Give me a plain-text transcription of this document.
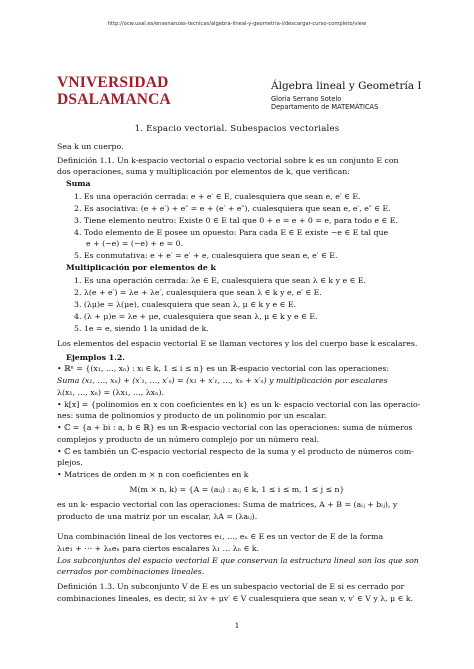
http://ocw.usal.es/ensenanzas-tecnicas/algebra-lineal-y-geometria-i/descargar-curso-completo/view
VNIVERSIDAD
DSALAMANCA
Álgebra lineal y Geometría I
Gloria Serrano Sotelo
Departamento de MATEMÁTICAS
1. Espacio vectorial. Subespacios vectoriales
Sea k un cuerpo.
Definición 1.1. Un k-espacio vectorial o espacio vectorial sobre k es un conjunto E con
dos operaciones, suma y multiplicación por elementos de k, que verifican:
Suma
1. Es una operación cerrada: e + e′ ∈ E, cualesquiera que sean e, e′ ∈ E.
2. Es asociativa: (e + e′) + e″ = e + (e′ + e″), cualesquiera que sean e, e′, e″ ∈ E.
3. Tiene elemento neutro: Existe 0 ∈ E tal que 0 + e = e + 0 = e, para todo e ∈ E.
4. Todo elemento de E posee un opuesto: Para cada E ∈ E existe −e ∈ E tal que
e + (−e) = (−e) + e = 0.
5. Es conmutativa: e + e′ = e′ + e, cualesquiera que sean e, e′ ∈ E.
Multiplicación por elementos de k
1. Es una operación cerrada: λe ∈ E, cualesquiera que sean λ ∈ k y e ∈ E.
2. λ(e + e′) = λe + λe′, cualesquiera que sean λ ∈ k y e, e′ ∈ E.
3. (λμ)e = λ(μe), cualesquiera que sean λ, μ ∈ k y e ∈ E.
4. (λ + μ)e = λe + μe, cualesquiera que sean λ, μ ∈ k y e ∈ E.
5. 1e = e, siendo 1 la unidad de k.
Los elementos del espacio vectorial E se llaman vectores y los del cuerpo base k escalares.
Ejemplos 1.2.
• ℝⁿ = {(x₁, …, xₙ) : xᵢ ∈ k, 1 ≤ i ≤ n} es un ℝ-espacio vectorial con las operaciones:
Suma (x₁, …, xₙ) + (x′₁, …, x′ₙ) = (x₁ + x′₁, …, xₙ + x′ₙ) y multiplicación por escalares
λ(x₁, …, xₙ) = (λx₁, …, λxₙ).
• k[x] = {polinomios en x con coeficientes en k} es un k- espacio vectorial con las operacio-
nes: suma de polinomios y producto de un polinomio por un escalar.
• ℂ = {a + bi : a, b ∈ ℝ} es un ℝ-espacio vectorial con las operaciones: suma de números
complejos y producto de un número complejo por un número real.
• ℂ es también un ℂ-espacio vectorial respecto de la suma y el producto de números com-
plejos.
• Matrices de orden m × n con coeficientes en k
M(m × n, k) = {A = (aᵢⱼ) : aᵢⱼ ∈ k, 1 ≤ i ≤ m, 1 ≤ j ≤ n}
es un k- espacio vectorial con las operaciones: Suma de matrices, A + B = (aᵢⱼ + bᵢⱼ), y
producto de una matriz por un escalar, λA = (λaᵢⱼ).
Una combinación lineal de los vectores e₁, …, eₙ ∈ E es un vector de E de la forma
λ₁e₁ + ⋯ + λₙeₙ para ciertos escalares λ₁ … λₙ ∈ k.
Los subconjuntos del espacio vectorial E que conservan la estructura lineal son los que son
cerrados por combinaciones lineales.
Definición 1.3. Un subconjunto V de E es un subespacio vectorial de E si es cerrado por
combinaciones lineales, es decir, si λv + μv′ ∈ V cualesquiera que sean v, v′ ∈ V y λ, μ ∈ k.
1
